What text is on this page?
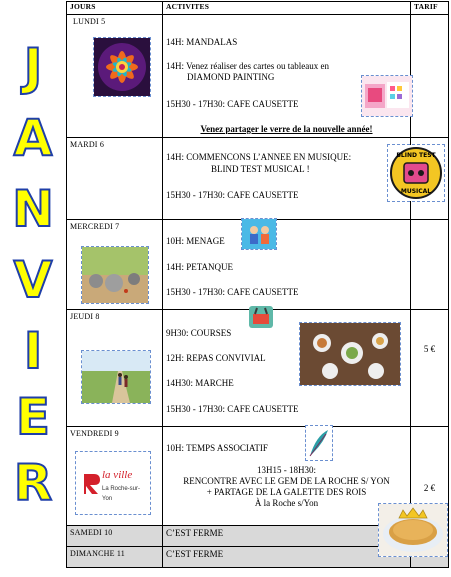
J
A
N
V
I
E
R
JOURS	ACTIVITES	TARIF

LUNDI 5	14H: MANDALAS
14H: Venez réaliser des cartes ou tableaux en
DIAMOND PAINTING
15H30 - 17H30: CAFE CAUSETTE
Venez partager le verre de la nouvelle année!	

MARDI 6	14H: COMMENCONS L’ANNEE EN MUSIQUE:
BLIND TEST MUSICAL !
15H30 - 17H30: CAFE CAUSETTE	BLIND TEST
MUSICAL

MERCREDI 7	10H: MENAGE
14H: PETANQUE
15H30 - 17H30: CAFE CAUSETTE	

JEUDI 8	9H30: COURSES
12H: REPAS CONVIVIAL
14H30: MARCHE
15H30 - 17H30: CAFE CAUSETTE	5 €

VENDREDI 9
la ville
La Roche-sur-Yon	10H: TEMPS ASSOCIATIF
13H15 - 18H30:
RENCONTRE AVEC LE GEM DE LA ROCHE S/ YON
+ PARTAGE DE LA GALETTE DES ROIS
À la Roche s/Yon	2 €

SAMEDI 10	C’EST FERME	

DIMANCHE 11	C’EST FERME	
